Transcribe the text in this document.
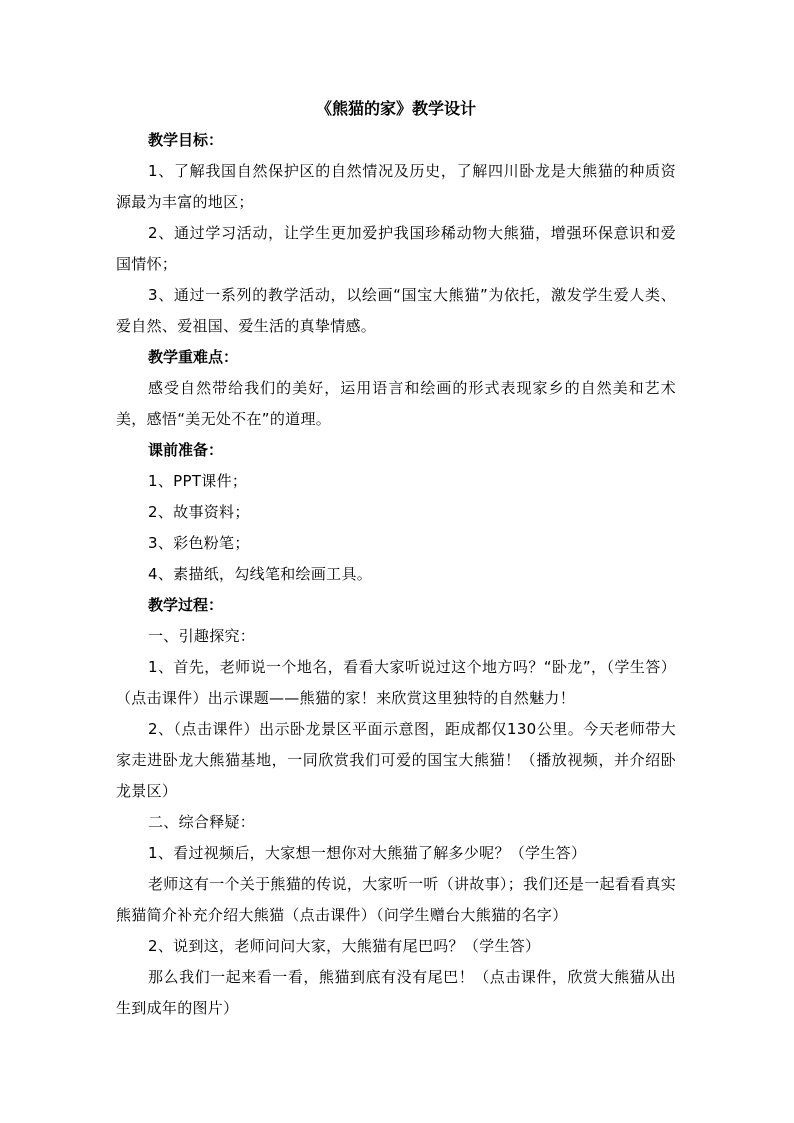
《熊猫的家》教学设计

教学目标：

1、了解我国自然保护区的自然情况及历史，了解四川卧龙是大熊猫的种质资源最为丰富的地区；

2、通过学习活动，让学生更加爱护我国珍稀动物大熊猫，增强环保意识和爱国情怀；

3、通过一系列的教学活动，以绘画“国宝大熊猫”为依托，激发学生爱人类、爱自然、爱祖国、爱生活的真挚情感。

教学重难点：

感受自然带给我们的美好，运用语言和绘画的形式表现家乡的自然美和艺术美，感悟“美无处不在”的道理。

课前准备：

1、PPT课件；

2、故事资料；

3、彩色粉笔；

4、素描纸，勾线笔和绘画工具。

教学过程：

一、引趣探究：

1、首先，老师说一个地名，看看大家听说过这个地方吗？“卧龙”，（学生答）（点击课件）出示课题——熊猫的家！来欣赏这里独特的自然魅力！

2、（点击课件）出示卧龙景区平面示意图，距成都仅130公里。今天老师带大家走进卧龙大熊猫基地，一同欣赏我们可爱的国宝大熊猫！（播放视频，并介绍卧龙景区）

二、综合释疑：

1、看过视频后，大家想一想你对大熊猫了解多少呢？（学生答）

老师这有一个关于熊猫的传说，大家听一听（讲故事）；我们还是一起看看真实熊猫简介补充介绍大熊猫（点击课件）（问学生赠台大熊猫的名字）

2、说到这，老师问问大家，大熊猫有尾巴吗？（学生答）

那么我们一起来看一看，熊猫到底有没有尾巴！（点击课件，欣赏大熊猫从出生到成年的图片）
